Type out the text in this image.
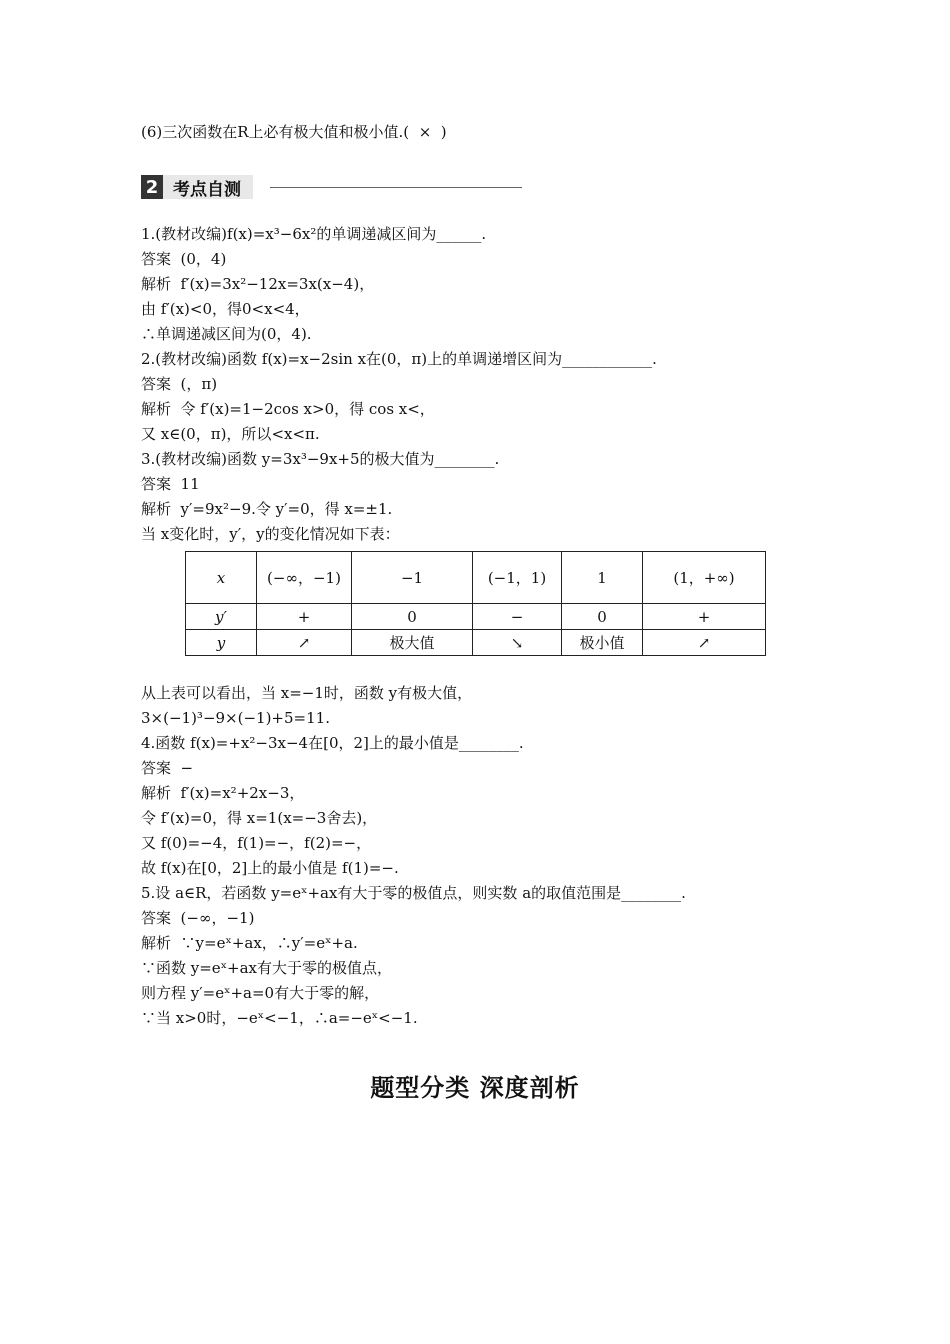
(6)三次函数在R上必有极大值和极小值.(  ×  )
2 考点自测
1.(教材改编)f(x)=x³−6x²的单调递减区间为______.
答案  (0，4)
解析  f′(x)=3x²−12x=3x(x−4)，
由 f′(x)<0，得0<x<4，
∴单调递减区间为(0，4).
2.(教材改编)函数 f(x)=x−2sin x在(0，π)上的单调递增区间为____________.
答案  (，π)
解析  令 f′(x)=1−2cos x>0，得 cos x<，
又 x∈(0，π)，所以<x<π.
3.(教材改编)函数 y=3x³−9x+5的极大值为________.
答案  11
解析  y′=9x²−9.令 y′=0，得 x=±1.
当 x变化时，y′，y的变化情况如下表：
x	(−∞，−1)	−1	(−1，1)	1	(1，+∞)
y′	+	0	−	0	+
y	↗	极大值	↘	极小值	↗
从上表可以看出，当 x=−1时，函数 y有极大值，
3×(−1)³−9×(−1)+5=11.
4.函数 f(x)=+x²−3x−4在[0，2]上的最小值是________.
答案  −
解析  f′(x)=x²+2x−3，
令 f′(x)=0，得 x=1(x=−3舍去)，
又 f(0)=−4，f(1)=−，f(2)=−，
故 f(x)在[0，2]上的最小值是 f(1)=−.
5.设 a∈R，若函数 y=eˣ+ax有大于零的极值点，则实数 a的取值范围是________.
答案  (−∞，−1)
解析  ∵y=eˣ+ax，∴y′=eˣ+a.
∵函数 y=eˣ+ax有大于零的极值点，
则方程 y′=eˣ+a=0有大于零的解，
∵当 x>0时，−eˣ<−1，∴a=−eˣ<−1.
题型分类 深度剖析
